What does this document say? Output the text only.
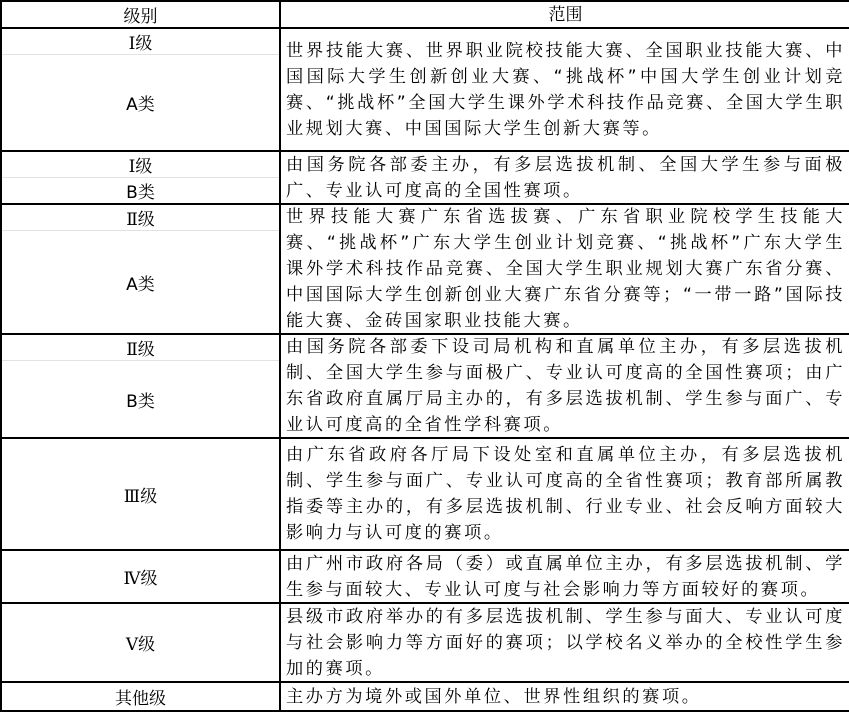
级别	范围
Ⅰ级
A类
世界技能大赛、世界职业院校技能大赛、全国职业技能大赛、中国国际大学生创新创业大赛、“挑战杯”中国大学生创业计划竞赛、“挑战杯”全国大学生课外学术科技作品竞赛、全国大学生职业规划大赛、中国国际大学生创新大赛等。
Ⅰ级
B类
由国务院各部委主办，有多层选拔机制、全国大学生参与面极广、专业认可度高的全国性赛项。
Ⅱ级
A类
世界技能大赛广东省选拔赛、广东省职业院校学生技能大赛、“挑战杯”广东大学生创业计划竞赛、“挑战杯”广东大学生课外学术科技作品竞赛、全国大学生职业规划大赛广东省分赛、中国国际大学生创新创业大赛广东省分赛等；“一带一路”国际技能大赛、金砖国家职业技能大赛。
Ⅱ级
B类
由国务院各部委下设司局机构和直属单位主办，有多层选拔机制、全国大学生参与面极广、专业认可度高的全国性赛项；由广东省政府直属厅局主办的，有多层选拔机制、学生参与面广、专业认可度高的全省性学科赛项。
Ⅲ级
由广东省政府各厅局下设处室和直属单位主办，有多层选拔机制、学生参与面广、专业认可度高的全省性赛项；教育部所属教指委等主办的，有多层选拔机制、行业专业、社会反响方面较大影响力与认可度的赛项。
Ⅳ级
由广州市政府各局（委）或直属单位主办，有多层选拔机制、学生参与面较大、专业认可度与社会影响力等方面较好的赛项。
Ⅴ级
县级市政府举办的有多层选拔机制、学生参与面大、专业认可度与社会影响力等方面好的赛项；以学校名义举办的全校性学生参加的赛项。
其他级	主办方为境外或国外单位、世界性组织的赛项。
